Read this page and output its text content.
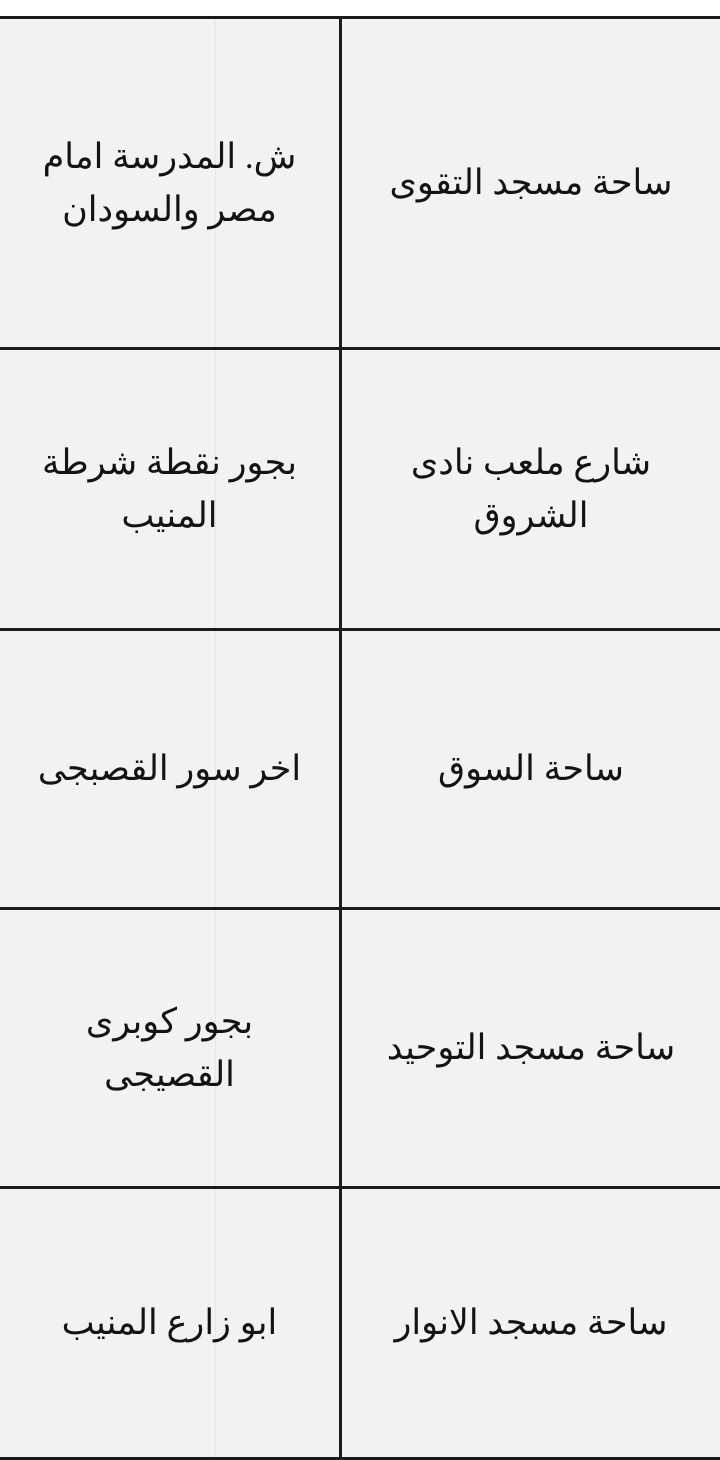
ساحة مسجد التقوى	ش. المدرسة امام مصر والسودان
شارع ملعب نادى الشروق	بجور نقطة شرطة المنيب
ساحة السوق	اخر سور القصبجى
ساحة مسجد التوحيد	بجور كوبرى القصيجى
ساحة مسجد الانوار	ابو زارع المنيب
